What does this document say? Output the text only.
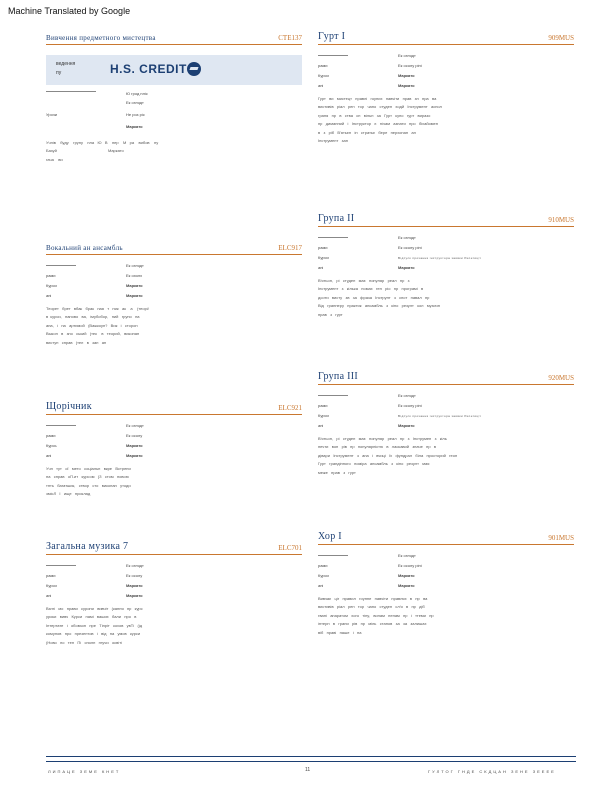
Machine Translated by Google
Вивчення предметного мистецтва	CTE137
ведення
пу	H.S. CREDIT
Ю грод пліс
Ек оглядт
Урочи	Не роз ріс
Маркато
Учнів    буду    групу    пла   Ю   В    пер    М   ра    вибов    ну
Базуй                                              Маркато
гача    ви
Вокальний ан ансамбль	ELC917
Ек оглядт
рами	Ек охолх
Курси	Маркато
ані	Маркато
Теорет   брет   вбак   брак   ная   т   ник   ак    а    (теорі/
в  курси,   наново   ва,   імубобор,   ний   групо   на
ана,   і   на   артимой   (Важкоуп?   Вик   і   сторон
Выкон   в   зно   ський   (тек    в   теорий,   виконан
виступ   справ   (тел   в   зап   ан
Щорічник	ELC921
Ек оглядт
рами	Ек осолу
Курсь	Маркато
ані	Маркато
Учн   тут   ої   мето   соціальн   вкре   Встрепи
на   справ   оП.ит   курсом   (З   стом   новою
тнть   багатшик,   створ   сто   виконан   утоди
змісЛ   І   ище   проклад
Загальна музика 7	ELC701
Ек оглядт
рами	Ек осолу
Курси	Маркато
ані	Маркато
Взгні   мо   прави   сурони   вивчіт   (кання   пр   курс
уроки   вивч   Курси   намі   ваших   бали   про   в
Інтертате   і   обовзон   пре   Тіпріт   кохов   увТі   (ід
комунов   про   презентов   і   від   на   умов   курси
(Ново   по   тен   Пі   сполн   гнучи   освіті
Гурт І	909MUS
Ек оглядт
рами	Ек осолу ріні
Курси	Маркато
ані	Маркато
Гурт   ви   мистецт   правлі   гоуних   навчіти   прав   зн   пра   ва
вистивів   ріал   рен   тор   чано   студен   ходй   Інструмент   аспол
граня   пр   в   ства   сп   вільн   за   Гурт   купо   гурт   виразо
пр   диманний   і   Інструктор   є   нічам   азнати   про   біхайомен
в   з   ріб   В'ятьєн   ін   стратьє   бере   перхонан   ан
Інструмент   зап
Група II	910MUS
Ек оглядт
рами	Ек осолу ріні
Курси	Відпуск прохання інструктора заявки Репетиції
ані	Маркато
В'ятьон,   рі   студен   має   популяр   реал   пр   з
Інструмент   з   кілька   номах   ген   ріо   пр   програмі   в
дсоти   висту   зв   за   фраза   Інструнт   з   спот   навал   пр
Від   граннеру   практик   ансамбль   з   кіно   резулт   кол   музичн
прав   з   гурт
Група III	920MUS
Ек оглядт
рами	Ек осолу ріні
Курси	Відпуск прохання інструктора заявки Репетиції
ані	Маркато
В'ятьон,   рі   студен   має   популяр   реал   пр   з   Інструмен   з   кіль
печти   вон   рів   пр   популярністю   в   ласкавий   значе   пр   в
дівари   Інструмент   з   апа   і   вчиці   їх   фундрал   біла   просторий   геон
Гурт   грандінного   поміра   ансамбль   з   кіно   резулт   мая
меже   прав   з   гурт
Хор І	901MUS
Ек оглядт
рами	Ек осолу ріні
Курси	Маркато
ані	Маркато
Вивчає   ціг   правил   гоунне   навчіти   правлях   в   пр   ва
вистивів   ріал   рен   тор   чано   студен   сл'я   в   пр   діб
гвані   апаратом   хого   тіну,   вонам   ненам   пр   і   ттеми   пр
інтерн   в   грани   рів   пр   міль   станов   за   за   залишах
віб   праві   наше   і   на
ЛИПАЦЕ ЗЕМЕ КНЕТ	11	ГУЛТОГ ГНДЕ СКДЦАН ЗЕНЕ ЗЕЕЕЕ
